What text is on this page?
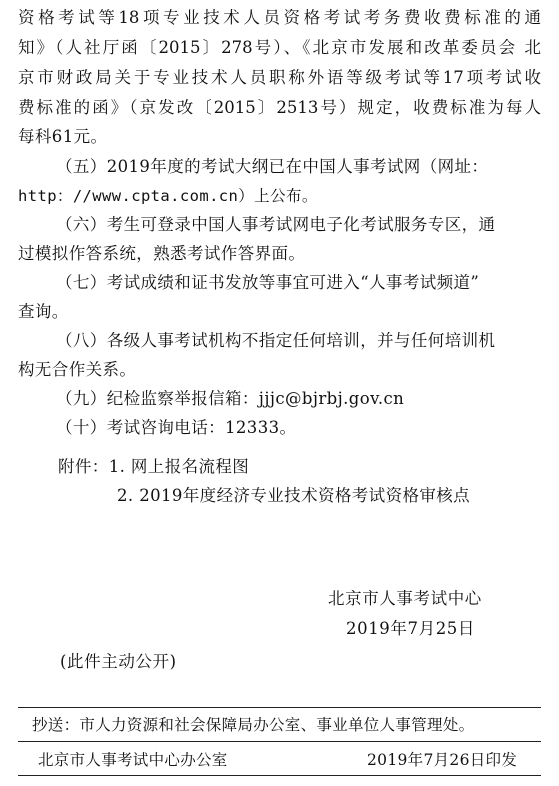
资格考试等18项专业技术人员资格考试考务费收费标准的通
知》（人社厅函〔2015〕278号）、《北京市发展和改革委员会 北
京市财政局关于专业技术人员职称外语等级考试等17项考试收
费标准的函》（京发改〔2015〕2513号）规定，收费标准为每人
每科61元。
（五）2019年度的考试大纲已在中国人事考试网（网址：
http：//www.cpta.com.cn）上公布。
（六）考生可登录中国人事考试网电子化考试服务专区，通
过模拟作答系统，熟悉考试作答界面。
（七）考试成绩和证书发放等事宜可进入“人事考试频道”
查询。
（八）各级人事考试机构不指定任何培训，并与任何培训机
构无合作关系。
（九）纪检监察举报信箱：jjjc@bjrbj.gov.cn
（十）考试咨询电话：12333。
附件：1. 网上报名流程图
2. 2019年度经济专业技术资格考试资格审核点
北京市人事考试中心
2019年7月25日
(此件主动公开)
抄送：市人力资源和社会保障局办公室、事业单位人事管理处。
北京市人事考试中心办公室	2019年7月26日印发
